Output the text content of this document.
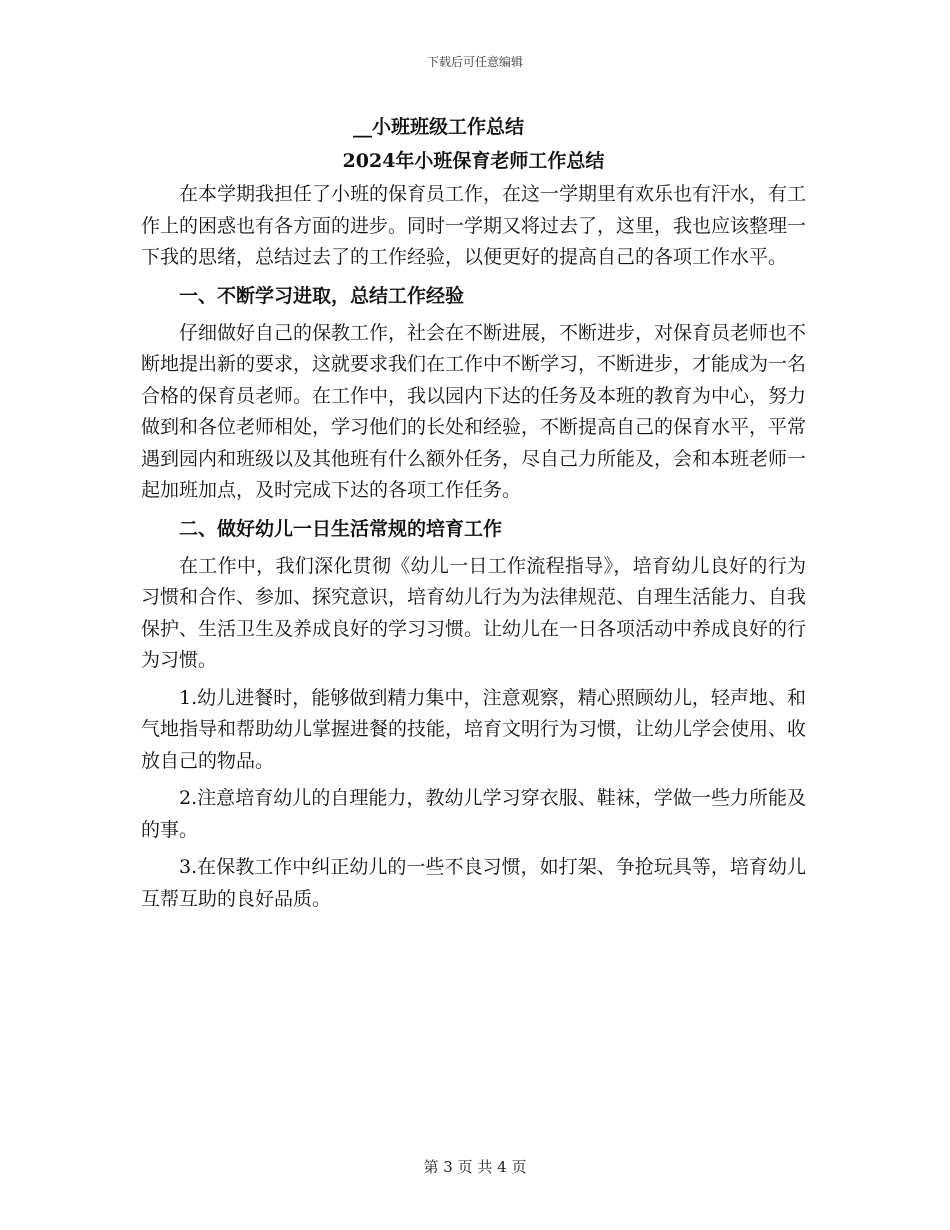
下载后可任意编辑

__小班班级工作总结

2024年小班保育老师工作总结

在本学期我担任了小班的保育员工作，在这一学期里有欢乐也有汗水，有工作上的困惑也有各方面的进步。同时一学期又将过去了，这里，我也应该整理一下我的思绪，总结过去了的工作经验，以便更好的提高自己的各项工作水平。

一、不断学习进取，总结工作经验

仔细做好自己的保教工作，社会在不断进展，不断进步，对保育员老师也不断地提出新的要求，这就要求我们在工作中不断学习，不断进步，才能成为一名合格的保育员老师。在工作中，我以园内下达的任务及本班的教育为中心，努力做到和各位老师相处，学习他们的长处和经验，不断提高自己的保育水平，平常遇到园内和班级以及其他班有什么额外任务，尽自己力所能及，会和本班老师一起加班加点，及时完成下达的各项工作任务。

二、做好幼儿一日生活常规的培育工作

在工作中，我们深化贯彻《幼儿一日工作流程指导》，培育幼儿良好的行为习惯和合作、参加、探究意识，培育幼儿行为为法律规范、自理生活能力、自我保护、生活卫生及养成良好的学习习惯。让幼儿在一日各项活动中养成良好的行为习惯。

1.幼儿进餐时，能够做到精力集中，注意观察，精心照顾幼儿，轻声地、和气地指导和帮助幼儿掌握进餐的技能，培育文明行为习惯，让幼儿学会使用、收放自己的物品。

2.注意培育幼儿的自理能力，教幼儿学习穿衣服、鞋袜，学做一些力所能及的事。

3.在保教工作中纠正幼儿的一些不良习惯，如打架、争抢玩具等，培育幼儿互帮互助的良好品质。

第 3 页 共 4 页
